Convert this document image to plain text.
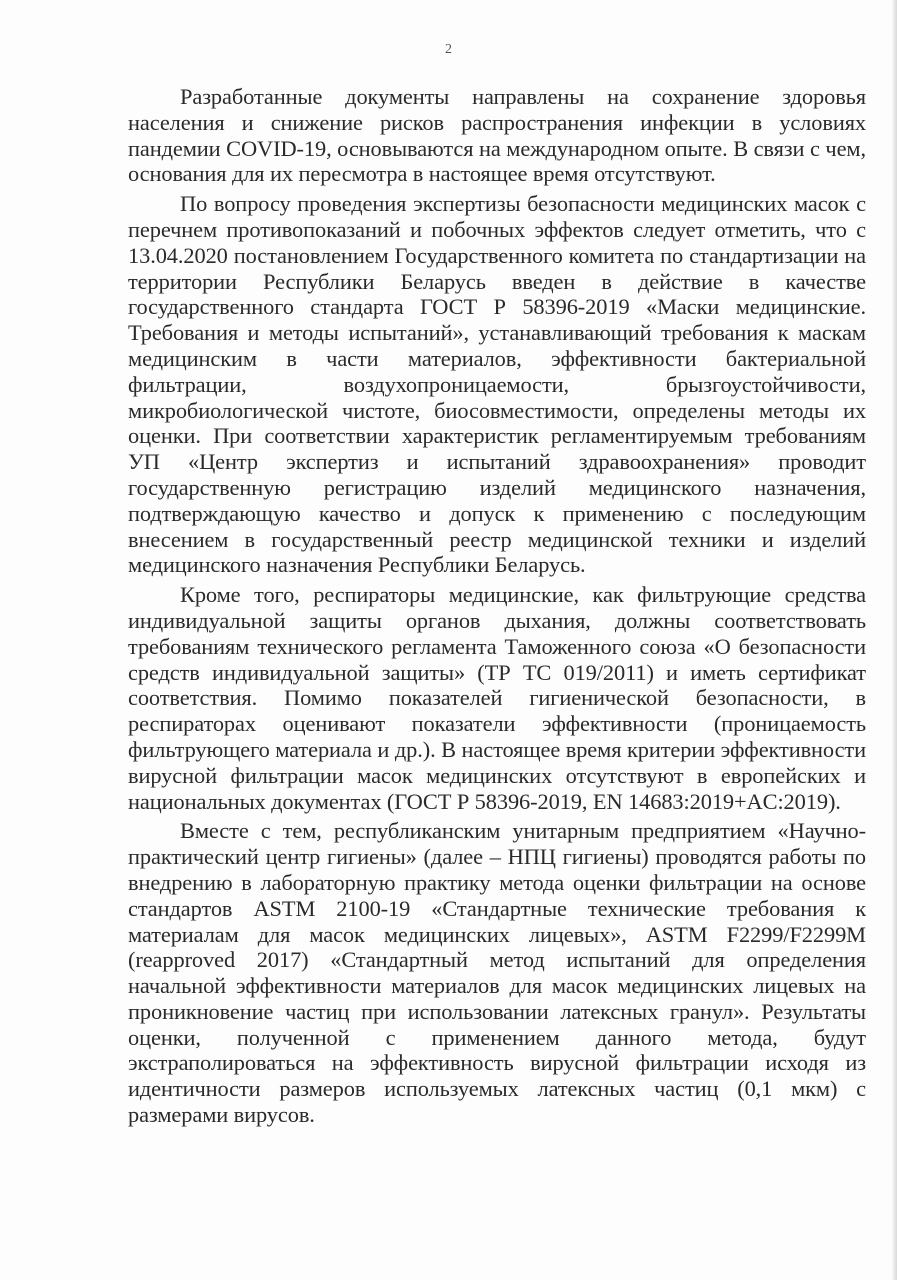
2

Разработанные документы направлены на сохранение здоровья населения и снижение рисков распространения инфекции в условиях пандемии COVID-19, основываются на международном опыте. В связи с чем, основания для их пересмотра в настоящее время отсутствуют.

По вопросу проведения экспертизы безопасности медицинских масок с перечнем противопоказаний и побочных эффектов следует отметить, что с 13.04.2020 постановлением Государственного комитета по стандартизации на территории Республики Беларусь введен в действие в качестве государственного стандарта ГОСТ Р 58396-2019 «Маски медицинские. Требования и методы испытаний», устанавливающий требования к маскам медицинским в части материалов, эффективности бактериальной фильтрации, воздухопроницаемости, брызгоустойчивости, микробиологической чистоте, биосовместимости, определены методы их оценки. При соответствии характеристик регламентируемым требованиям УП «Центр экспертиз и испытаний здравоохранения» проводит государственную регистрацию изделий медицинского назначения, подтверждающую качество и допуск к применению с последующим внесением в государственный реестр медицинской техники и изделий медицинского назначения Республики Беларусь.

Кроме того, респираторы медицинские, как фильтрующие средства индивидуальной защиты органов дыхания, должны соответствовать требованиям технического регламента Таможенного союза «О безопасности средств индивидуальной защиты» (ТР ТС 019/2011) и иметь сертификат соответствия. Помимо показателей гигиенической безопасности, в респираторах оценивают показатели эффективности (проницаемость фильтрующего материала и др.). В настоящее время критерии эффективности вирусной фильтрации масок медицинских отсутствуют в европейских и национальных документах (ГОСТ Р 58396-2019, EN 14683:2019+AC:2019).

Вместе с тем, республиканским унитарным предприятием «Научно-практический центр гигиены» (далее – НПЦ гигиены) проводятся работы по внедрению в лабораторную практику метода оценки фильтрации на основе стандартов ASTM 2100-19 «Стандартные технические требования к материалам для масок медицинских лицевых», ASTM F2299/F2299M (reapproved 2017) «Стандартный метод испытаний для определения начальной эффективности материалов для масок медицинских лицевых на проникновение частиц при использовании латексных гранул». Результаты оценки, полученной с применением данного метода, будут экстраполироваться на эффективность вирусной фильтрации исходя из идентичности размеров используемых латексных частиц (0,1 мкм) с размерами вирусов.
